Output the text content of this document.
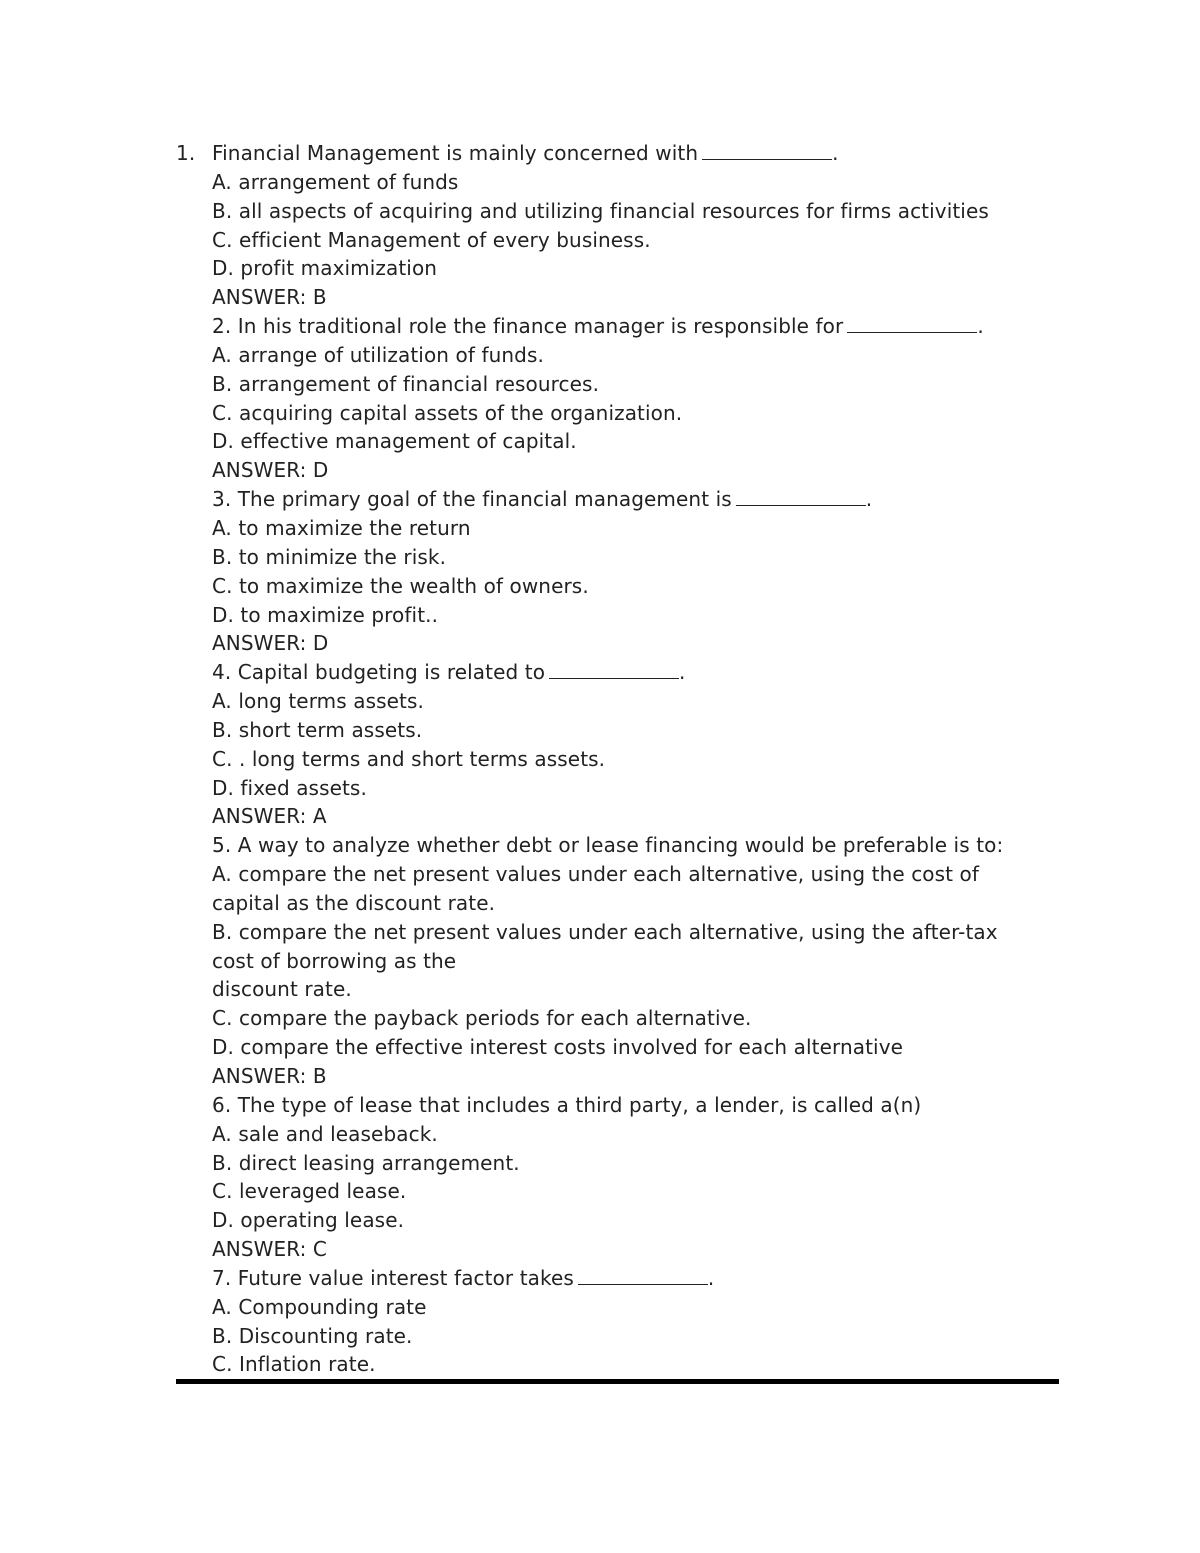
1. Financial Management is mainly concerned with	.
A. arrangement of funds
B. all aspects of acquiring and utilizing financial resources for firms activities
C. efficient Management of every business.
D. profit maximization
ANSWER: B
2. In his traditional role the finance manager is responsible for	.
A. arrange of utilization of funds.
B. arrangement of financial resources.
C. acquiring capital assets of the organization.
D. effective management of capital.
ANSWER: D
3. The primary goal of the financial management is	.
A. to maximize the return
B. to minimize the risk.
C. to maximize the wealth of owners.
D. to maximize profit..
ANSWER: D
4. Capital budgeting is related to	.
A. long terms assets.
B. short term assets.
C. . long terms and short terms assets.
D. fixed assets.
ANSWER: A
5. A way to analyze whether debt or lease financing would be preferable is to:
A. compare the net present values under each alternative, using the cost of
capital as the discount rate.
B. compare the net present values under each alternative, using the after-tax
cost of borrowing as the
discount rate.
C. compare the payback periods for each alternative.
D. compare the effective interest costs involved for each alternative
ANSWER: B
6. The type of lease that includes a third party, a lender, is called a(n)
A. sale and leaseback.
B. direct leasing arrangement.
C. leveraged lease.
D. operating lease.
ANSWER: C
7. Future value interest factor takes	.
A. Compounding rate
B. Discounting rate.
C. Inflation rate.
